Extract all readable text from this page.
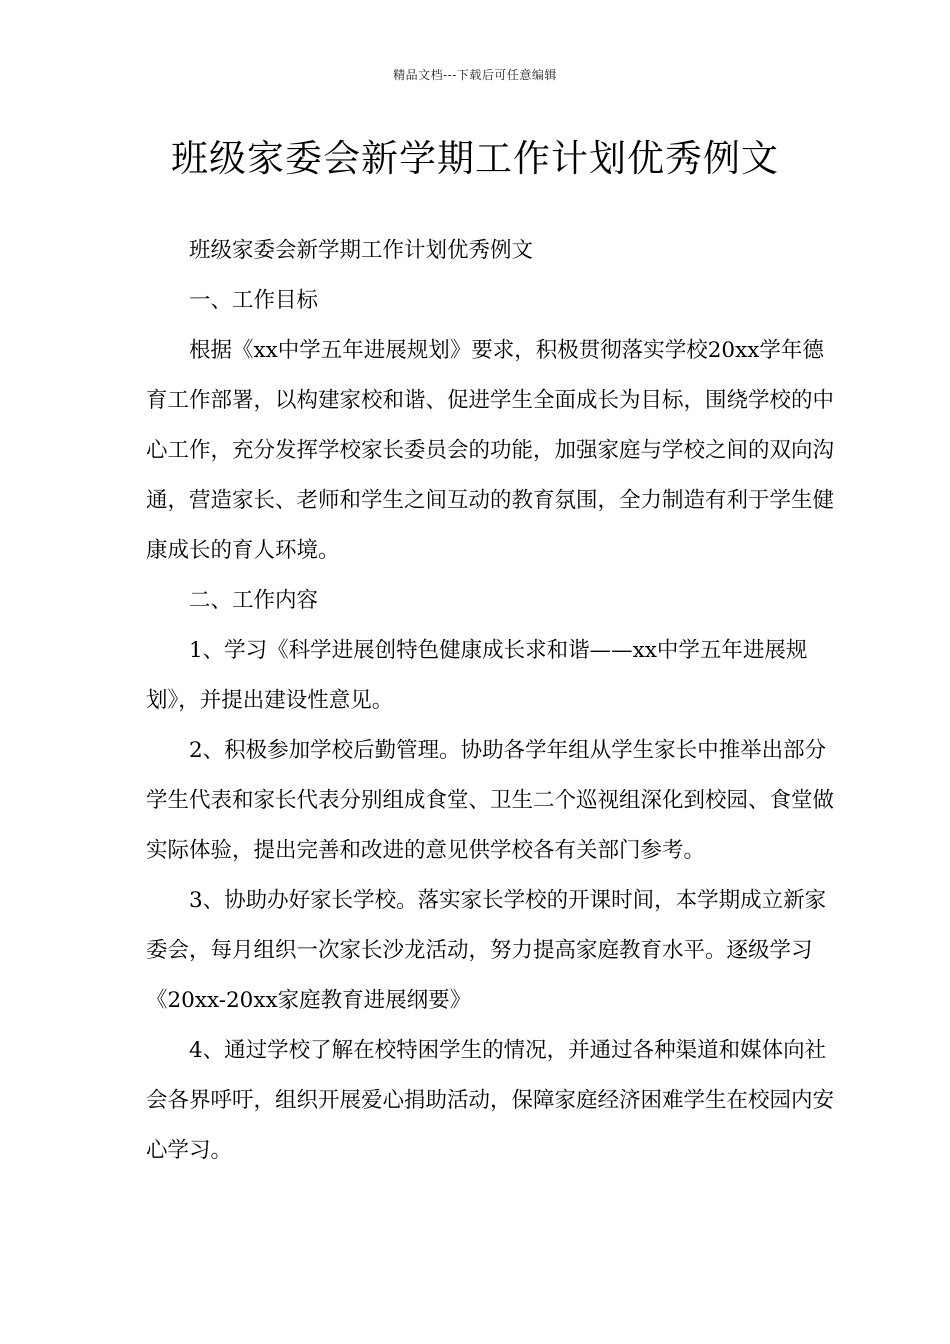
精品文档---下载后可任意编辑
班级家委会新学期工作计划优秀例文

班级家委会新学期工作计划优秀例文

一、工作目标

根据《xx中学五年进展规划》要求，积极贯彻落实学校20xx学年德育工作部署，以构建家校和谐、促进学生全面成长为目标，围绕学校的中心工作，充分发挥学校家长委员会的功能，加强家庭与学校之间的双向沟通，营造家长、老师和学生之间互动的教育氛围，全力制造有利于学生健康成长的育人环境。

二、工作内容

1、学习《科学进展创特色健康成长求和谐——xx中学五年进展规划》，并提出建设性意见。

2、积极参加学校后勤管理。协助各学年组从学生家长中推举出部分学生代表和家长代表分别组成食堂、卫生二个巡视组深化到校园、食堂做实际体验，提出完善和改进的意见供学校各有关部门参考。

3、协助办好家长学校。落实家长学校的开课时间，本学期成立新家委会，每月组织一次家长沙龙活动，努力提高家庭教育水平。逐级学习《20xx-20xx家庭教育进展纲要》

4、通过学校了解在校特困学生的情况，并通过各种渠道和媒体向社会各界呼吁，组织开展爱心捐助活动，保障家庭经济困难学生在校园内安心学习。
